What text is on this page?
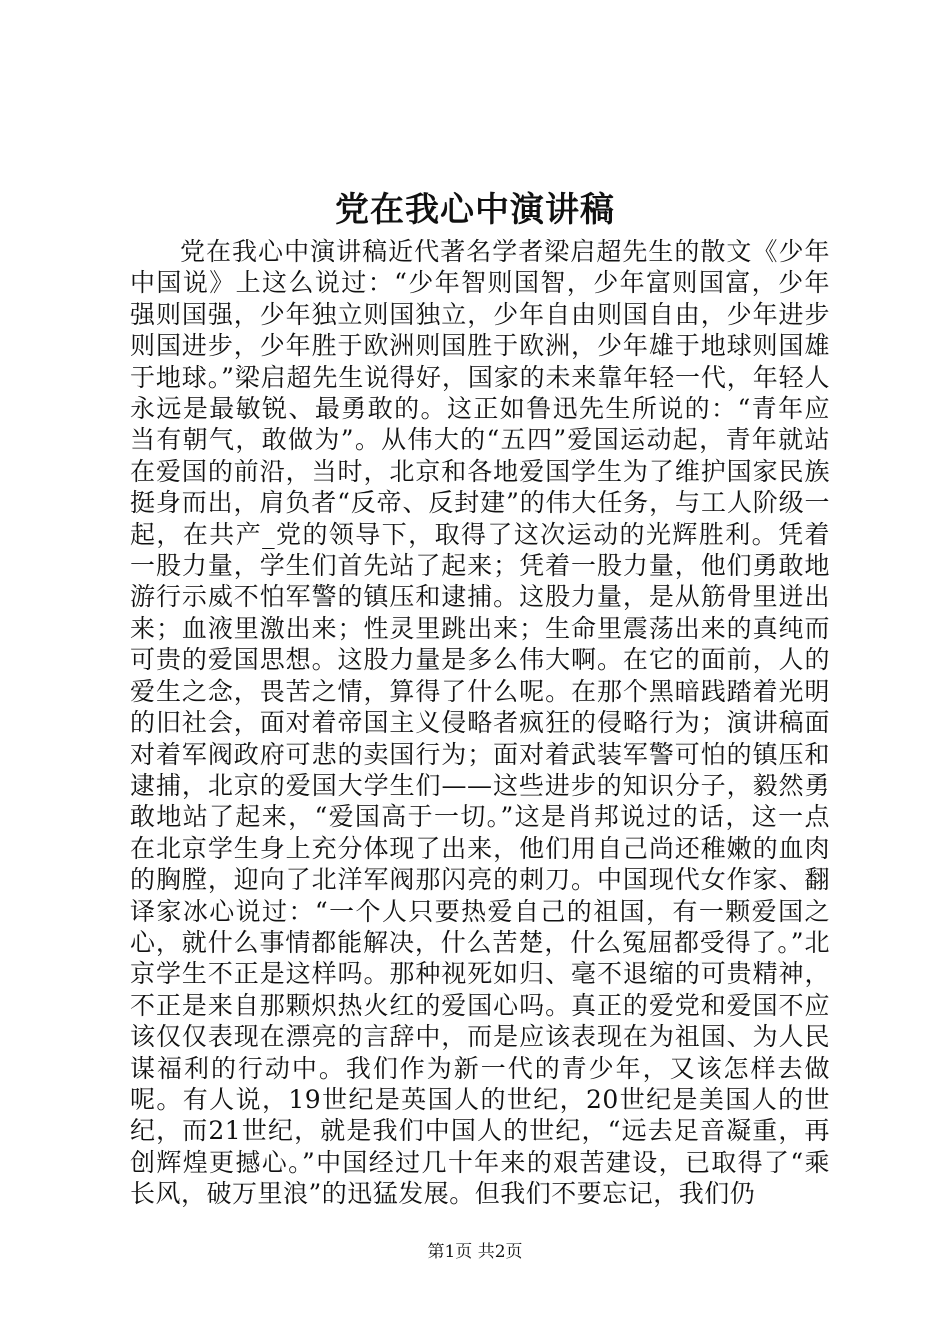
党在我心中演讲稿

党在我心中演讲稿近代著名学者梁启超先生的散文《少年中国说》上这么说过：“少年智则国智，少年富则国富，少年强则国强，少年独立则国独立，少年自由则国自由，少年进步则国进步，少年胜于欧洲则国胜于欧洲，少年雄于地球则国雄于地球。”梁启超先生说得好，国家的未来靠年轻一代，年轻人永远是最敏锐、最勇敢的。这正如鲁迅先生所说的：“青年应当有朝气，敢做为”。从伟大的“五四”爱国运动起，青年就站在爱国的前沿，当时，北京和各地爱国学生为了维护国家民族挺身而出，肩负者“反帝、反封建”的伟大任务，与工人阶级一起，在共产_党的领导下，取得了这次运动的光辉胜利。凭着一股力量，学生们首先站了起来；凭着一股力量，他们勇敢地游行示威不怕军警的镇压和逮捕。这股力量，是从筋骨里迸出来；血液里激出来；性灵里跳出来；生命里震荡出来的真纯而可贵的爱国思想。这股力量是多么伟大啊。在它的面前，人的爱生之念，畏苦之情，算得了什么呢。在那个黑暗践踏着光明的旧社会，面对着帝国主义侵略者疯狂的侵略行为；演讲稿面对着军阀政府可悲的卖国行为；面对着武装军警可怕的镇压和逮捕，北京的爱国大学生们——这些进步的知识分子，毅然勇敢地站了起来，“爱国高于一切。”这是肖邦说过的话，这一点在北京学生身上充分体现了出来，他们用自己尚还稚嫩的血肉的胸膛，迎向了北洋军阀那闪亮的刺刀。中国现代女作家、翻译家冰心说过：“一个人只要热爱自己的祖国，有一颗爱国之心，就什么事情都能解决，什么苦楚，什么冤屈都受得了。”北京学生不正是这样吗。那种视死如归、毫不退缩的可贵精神，不正是来自那颗炽热火红的爱国心吗。真正的爱党和爱国不应该仅仅表现在漂亮的言辞中，而是应该表现在为祖国、为人民谋福利的行动中。我们作为新一代的青少年，又该怎样去做呢。有人说，19世纪是英国人的世纪，20世纪是美国人的世纪，而21世纪，就是我们中国人的世纪，“远去足音凝重，再创辉煌更撼心。”中国经过几十年来的艰苦建设，已取得了“乘长风，破万里浪”的迅猛发展。但我们不要忘记，我们仍

第1页 共2页
